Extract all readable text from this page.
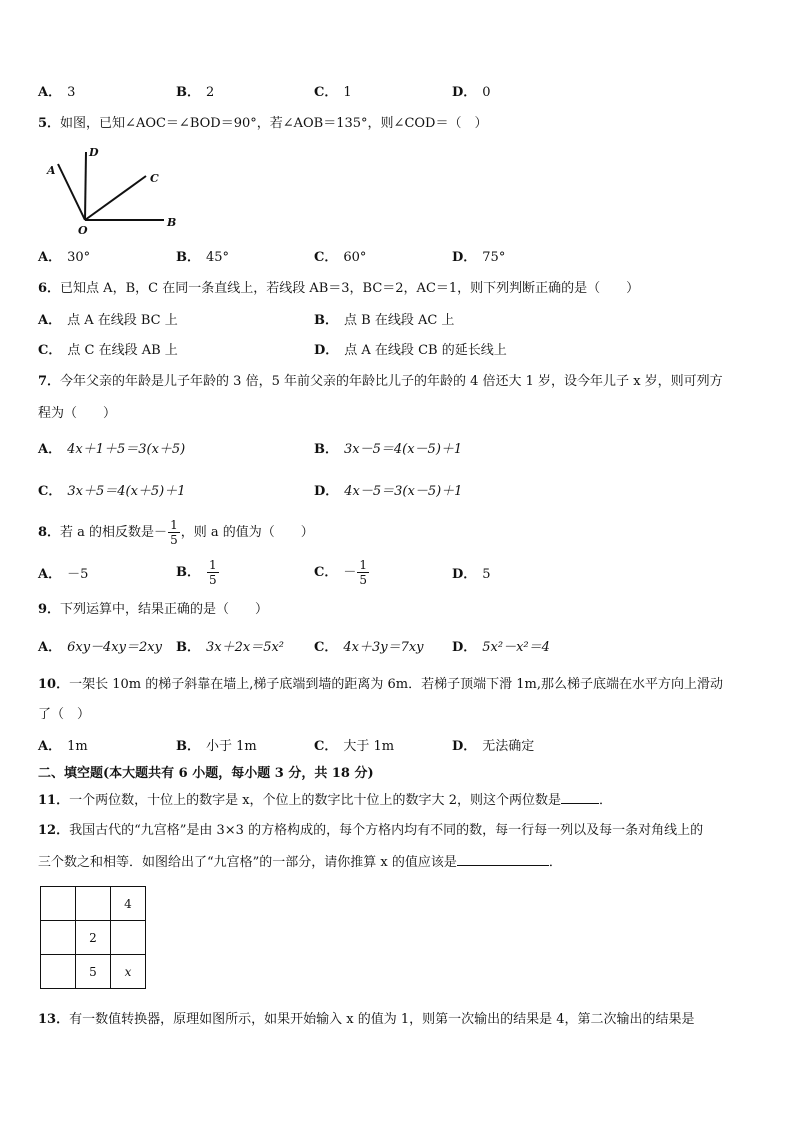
A． 3	B． 2	C． 1	D． 0
5．如图，已知∠AOC＝∠BOD＝90°，若∠AOB＝135°，则∠COD＝（　）
A
D
C
O
B
A． 30°	B． 45°	C． 60°	D． 75°
6．已知点 A，B，C 在同一条直线上，若线段 AB＝3，BC＝2，AC＝1，则下列判断正确的是（　　）
A． 点 A 在线段 BC 上	B． 点 B 在线段 AC 上
C． 点 C 在线段 AB 上	D． 点 A 在线段 CB 的延长线上
7．今年父亲的年龄是儿子年龄的 3 倍，5 年前父亲的年龄比儿子的年龄的 4 倍还大 1 岁，设今年儿子 x 岁，则可列方
程为（　　）
A． 4x＋1＋5＝3(x＋5)	B． 3x－5＝4(x－5)＋1
C． 3x＋5＝4(x＋5)＋1	D． 4x－5＝3(x－5)＋1
8．若 a 的相反数是－ $\frac{1}{5}$ ，则 a 的值为（　　）
A． －5	B． $\frac{1}{5}$	C． － $\frac{1}{5}$	D． 5
9．下列运算中，结果正确的是（　　）
A． 6xy－4xy＝2xy B． 3x＋2x＝5x² C． 4x＋3y＝7xy D． 5x²－x²＝4
10．一架长 10m 的梯子斜靠在墙上,梯子底端到墙的距离为 6m．若梯子顶端下滑 1m,那么梯子底端在水平方向上滑动
了（　）
A． 1m	B． 小于 1m	C． 大于 1m	D． 无法确定
二、填空题(本大题共有 6 小题，每小题 3 分，共 18 分)
11．一个两位数，十位上的数字是 x，个位上的数字比十位上的数字大 2，则这个两位数是	．
12．我国古代的“九宫格”是由 3×3 的方格构成的，每个方格内均有不同的数，每一行每一列以及每一条对角线上的
三个数之和相等．如图给出了“九宫格”的一部分，请你推算 x 的值应该是	．
		4
	2	
	5	x
13．有一数值转换器，原理如图所示，如果开始输入 x 的值为 1，则第一次输出的结果是 4，第二次输出的结果是
